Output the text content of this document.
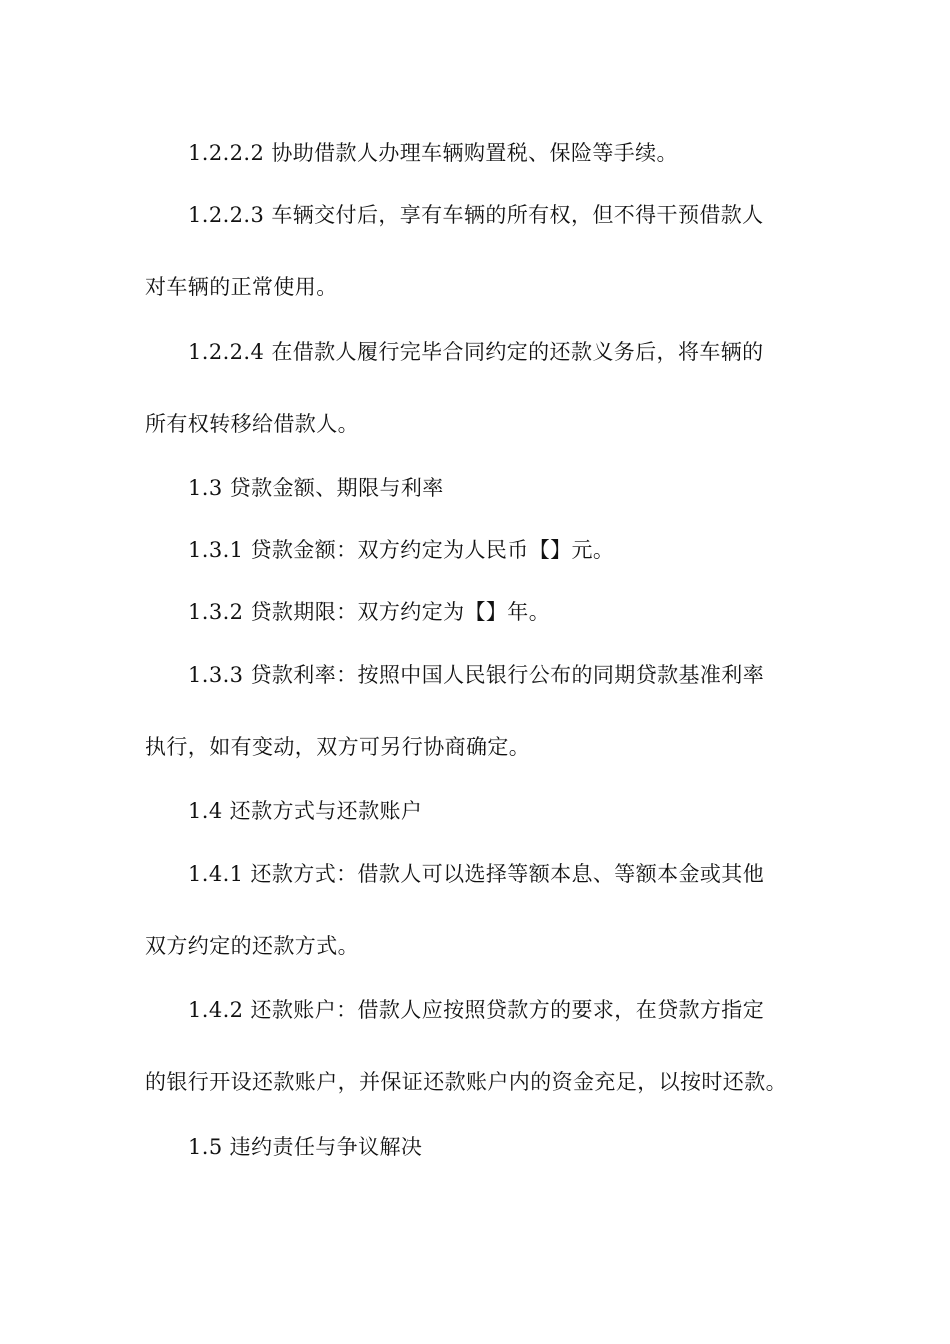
1.2.2.2 协助借款人办理车辆购置税、保险等手续。
1.2.2.3 车辆交付后，享有车辆的所有权，但不得干预借款人
对车辆的正常使用。
1.2.2.4 在借款人履行完毕合同约定的还款义务后，将车辆的
所有权转移给借款人。
1.3 贷款金额、期限与利率
1.3.1 贷款金额：双方约定为人民币【】元。
1.3.2 贷款期限：双方约定为【】年。
1.3.3 贷款利率：按照中国人民银行公布的同期贷款基准利率
执行，如有变动，双方可另行协商确定。
1.4 还款方式与还款账户
1.4.1 还款方式：借款人可以选择等额本息、等额本金或其他
双方约定的还款方式。
1.4.2 还款账户：借款人应按照贷款方的要求，在贷款方指定
的银行开设还款账户，并保证还款账户内的资金充足，以按时还款。
1.5 违约责任与争议解决
